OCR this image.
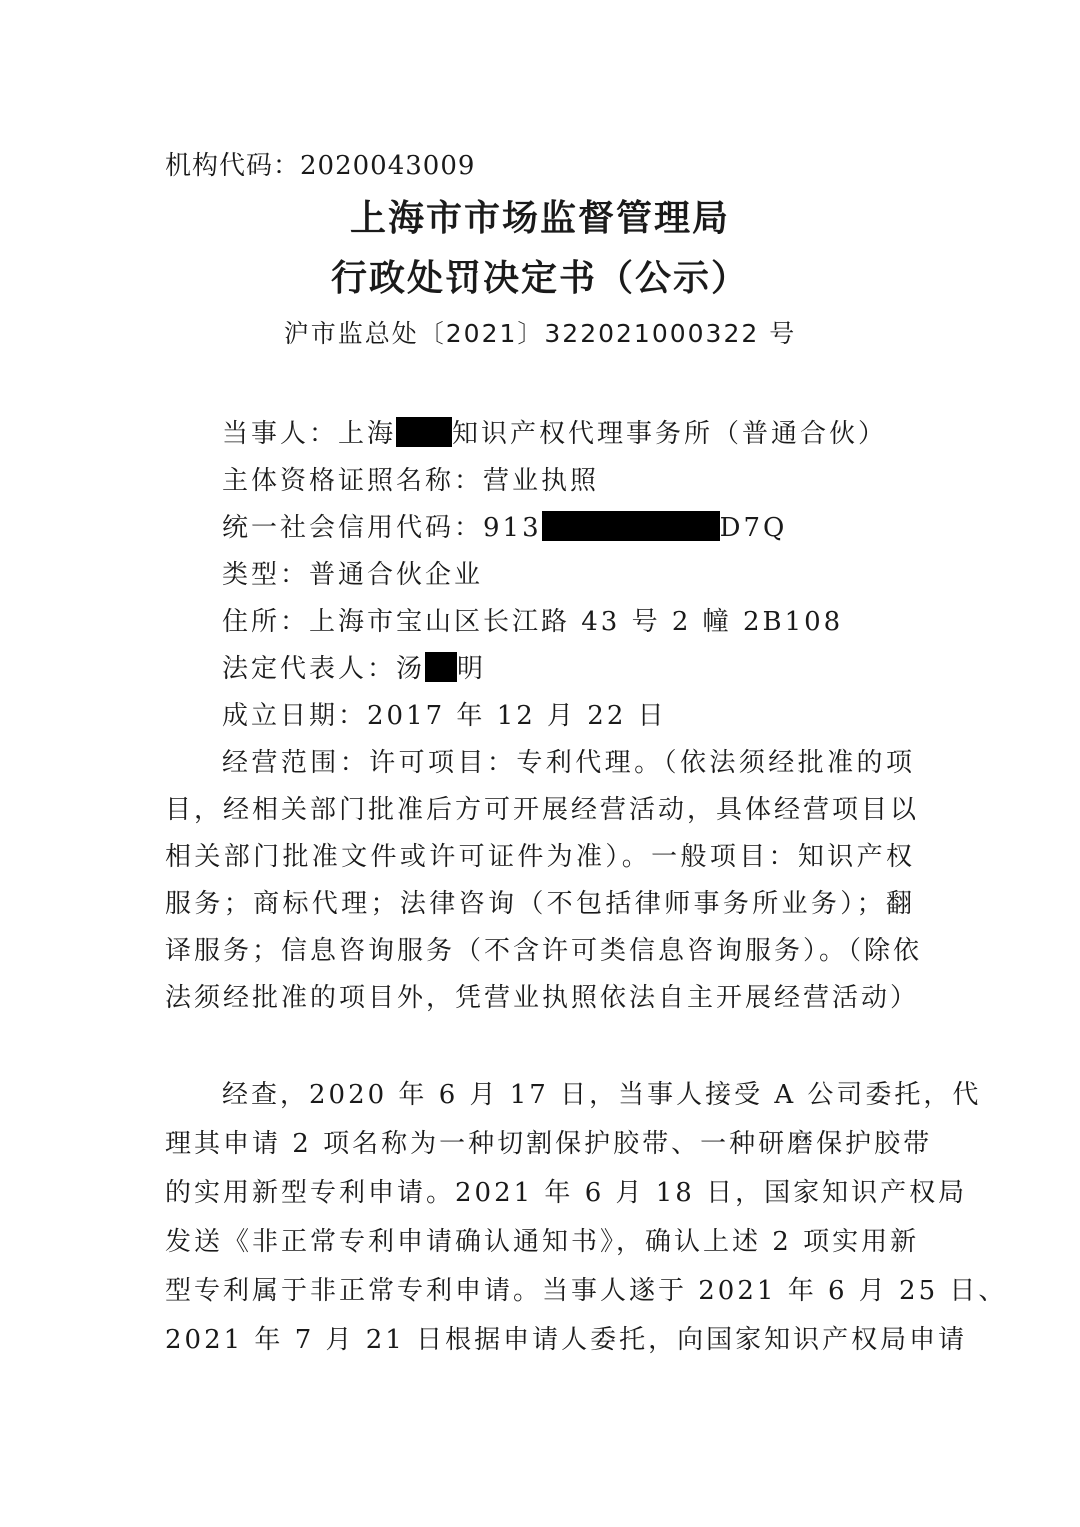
机构代码：2020043009
上海市市场监督管理局
行政处罚决定书（公示）
沪市监总处〔2021〕322021000322 号
当事人：上海 知识产权代理事务所（普通合伙）
主体资格证照名称：营业执照
统一社会信用代码：913	D7Q
类型：普通合伙企业
住所：上海市宝山区长江路 43 号 2 幢 2B108
法定代表人：汤 明
成立日期：2017 年 12 月 22 日
经营范围：许可项目：专利代理。（依法须经批准的项
目，经相关部门批准后方可开展经营活动，具体经营项目以
相关部门批准文件或许可证件为准）。一般项目：知识产权
服务；商标代理；法律咨询（不包括律师事务所业务）；翻
译服务；信息咨询服务（不含许可类信息咨询服务）。（除依
法须经批准的项目外，凭营业执照依法自主开展经营活动）
经查，2020 年 6 月 17 日，当事人接受 A 公司委托，代
理其申请 2 项名称为一种切割保护胶带、一种研磨保护胶带
的实用新型专利申请。2021 年 6 月 18 日，国家知识产权局
发送《非正常专利申请确认通知书》，确认上述 2 项实用新
型专利属于非正常专利申请。当事人遂于 2021 年 6 月 25 日、
2021 年 7 月 21 日根据申请人委托，向国家知识产权局申请
